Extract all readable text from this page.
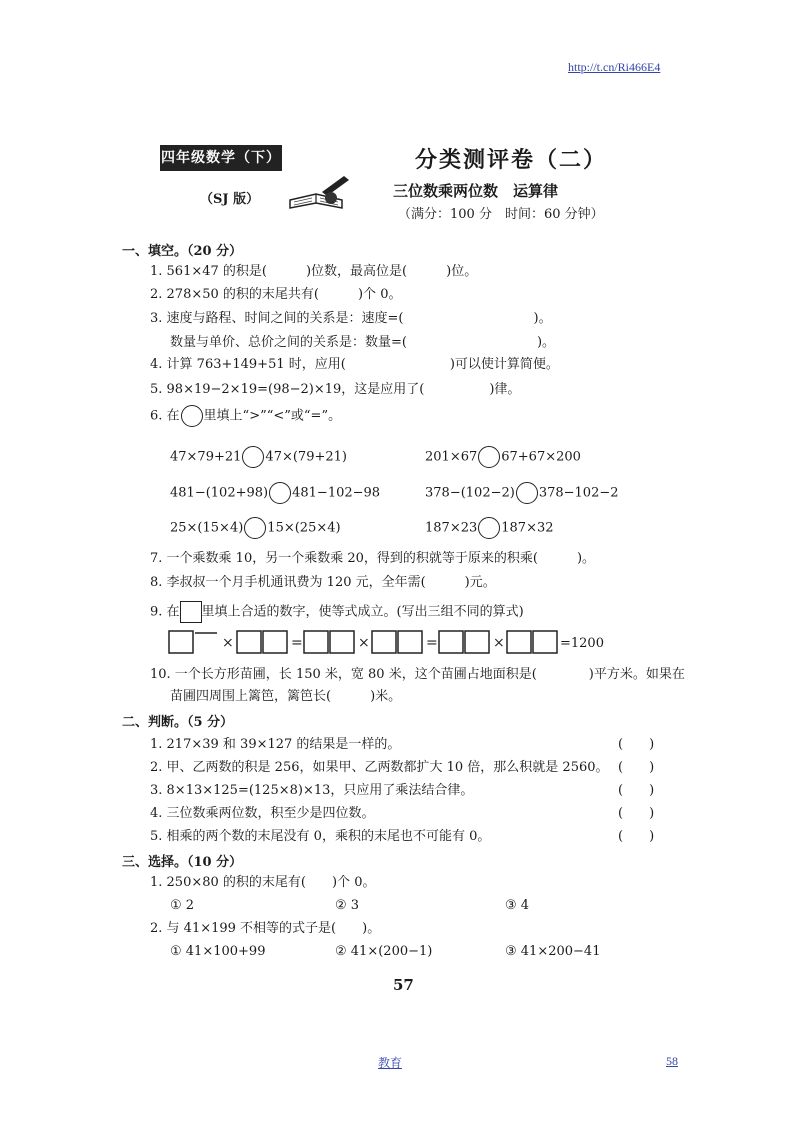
http://t.cn/Ri466E4
四年级数学（下）
（SJ 版）
分类测评卷（二）
三位数乘两位数　运算律
（满分：100 分　时间：60 分钟）
一、填空。（20 分）
1. 561×47 的积是(　　　)位数，最高位是(　　　)位。
2. 278×50 的积的末尾共有(　　　)个 0。
3. 速度与路程、时间之间的关系是：速度=(　　　　　　　　　　)。
数量与单价、总价之间的关系是：数量=(　　　　　　　　　　)。
4. 计算 763+149+51 时，应用(　　　　　　　　)可以使计算简便。
5. 98×19−2×19=(98−2)×19，这是应用了(　　　　　)律。
6. 在 里填上“>”“<”或“=”。
47×79+21 47×(79+21)	201×67 67+67×200
481−(102+98) 481−102−98	378−(102−2) 378−102−2
25×(15×4) 15×(25×4)	187×23 187×32
7. 一个乘数乘 10，另一个乘数乘 20，得到的积就等于原来的积乘(　　　)。
8. 李叔叔一个月手机通讯费为 120 元，全年需(　　　)元。
9. 在 里填上合适的数字，使等式成立。(写出三组不同的算式)
×	=	×	=	×	=1200
10. 一个长方形苗圃，长 150 米，宽 80 米，这个苗圃占地面积是(　　　　)平方米。如果在
苗圃四周围上篱笆，篱笆长(　　　)米。
二、判断。（5 分）
1. 217×39 和 39×127 的结果是一样的。	(　　)
2. 甲、乙两数的积是 256，如果甲、乙两数都扩大 10 倍，那么积就是 2560。 (　　)
3. 8×13×125=(125×8)×13，只应用了乘法结合律。	(　　)
4. 三位数乘两位数，积至少是四位数。	(　　)
5. 相乘的两个数的末尾没有 0，乘积的末尾也不可能有 0。	(　　)
三、选择。（10 分）
1. 250×80 的积的末尾有(　　)个 0。
① 2	② 3	③ 4
2. 与 41×199 不相等的式子是(　　)。
① 41×100+99	② 41×(200−1)	③ 41×200−41
57
教育	58
